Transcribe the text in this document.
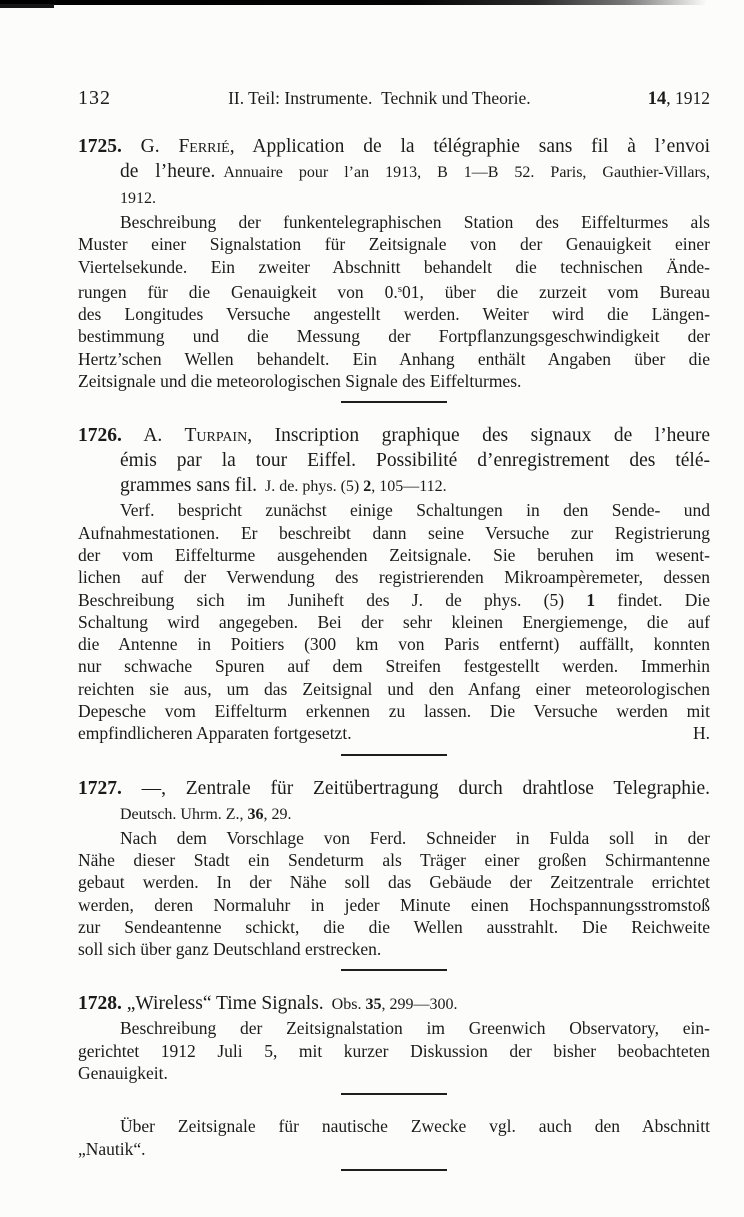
132	II. Teil: Instrumente. Technik und Theorie.	14, 1912
1725. G. Ferrié, Application de la télégraphie sans fil à l’envoi
de l’heure. Annuaire pour l’an 1913, B 1—B 52. Paris, Gauthier-Villars,
1912.
Beschreibung der funkentelegraphischen Station des Eiffelturmes als
Muster einer Signalstation für Zeitsignale von der Genauigkeit einer
Viertelsekunde. Ein zweiter Abschnitt behandelt die technischen Ände-
rungen für die Genauigkeit von 0.$^s$01, über die zurzeit vom Bureau
des Longitudes Versuche angestellt werden. Weiter wird die Längen-
bestimmung und die Messung der Fortpflanzungsgeschwindigkeit der
Hertz’schen Wellen behandelt. Ein Anhang enthält Angaben über die
Zeitsignale und die meteorologischen Signale des Eiffelturmes.
1726. A. Turpain, Inscription graphique des signaux de l’heure
émis par la tour Eiffel. Possibilité d’enregistrement des télé-
grammes sans fil. J. de. phys. (5) 2, 105—112.
Verf. bespricht zunächst einige Schaltungen in den Sende- und
Aufnahmestationen. Er beschreibt dann seine Versuche zur Registrierung
der vom Eiffelturme ausgehenden Zeitsignale. Sie beruhen im wesent-
lichen auf der Verwendung des registrierenden Mikroampèremeter, dessen
Beschreibung sich im Juniheft des J. de phys. (5) 1 findet. Die
Schaltung wird angegeben. Bei der sehr kleinen Energiemenge, die auf
die Antenne in Poitiers (300 km von Paris entfernt) auffällt, konnten
nur schwache Spuren auf dem Streifen festgestellt werden. Immerhin
reichten sie aus, um das Zeitsignal und den Anfang einer meteorologischen
Depesche vom Eiffelturm erkennen zu lassen. Die Versuche werden mit
empfindlicheren Apparaten fortgesetzt.	H.
1727. —, Zentrale für Zeitübertragung durch drahtlose Telegraphie.
Deutsch. Uhrm. Z., 36, 29.
Nach dem Vorschlage von Ferd. Schneider in Fulda soll in der
Nähe dieser Stadt ein Sendeturm als Träger einer großen Schirmantenne
gebaut werden. In der Nähe soll das Gebäude der Zeitzentrale errichtet
werden, deren Normaluhr in jeder Minute einen Hochspannungsstromstoß
zur Sendeantenne schickt, die die Wellen ausstrahlt. Die Reichweite
soll sich über ganz Deutschland erstrecken.
1728. „Wireless“ Time Signals. Obs. 35, 299—300.
Beschreibung der Zeitsignalstation im Greenwich Observatory, ein-
gerichtet 1912 Juli 5, mit kurzer Diskussion der bisher beobachteten
Genauigkeit.
Über Zeitsignale für nautische Zwecke vgl. auch den Abschnitt
„Nautik“.
